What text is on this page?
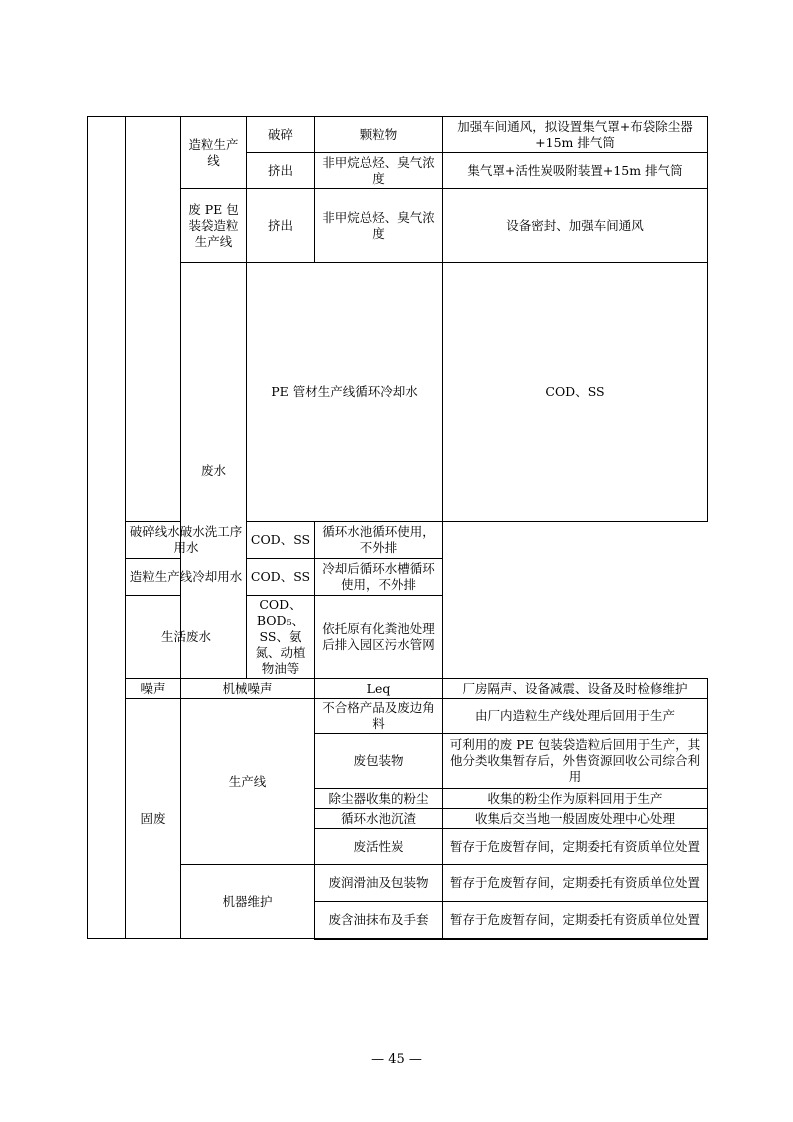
		造粒生产线	破碎	颗粒物	加强车间通风，拟设置集气罩+布袋除尘器+15m 排气筒	
			挤出	非甲烷总烃、臭气浓度	集气罩+活性炭吸附装置+15m 排气筒	
		废 PE 包装袋造粒生产线	挤出	非甲烷总烃、臭气浓度	设备密封、加强车间通风	
		废水	PE 管材生产线循环冷却水		COD、SS	
	破碎线水破水洗工序用水		COD、SS	循环水池循环使用，不外排		
	造粒生产线冷却用水		COD、SS	冷却后循环水槽循环使用，不外排		
	生活废水		COD、BOD₅、SS、氨氮、动植物油等	依托原有化粪池处理后排入园区污水管网		
	噪声	机械噪声		Leq	厂房隔声、设备减震、设备及时检修维护	
	固废	生产线		不合格产品及废边角料	由厂内造粒生产线处理后回用于生产	
				废包装物	可利用的废 PE 包装袋造粒后回用于生产，其他分类收集暂存后，外售资源回收公司综合利用	
				除尘器收集的粉尘	收集的粉尘作为原料回用于生产	
				循环水池沉渣	收集后交当地一般固废处理中心处理	
				废活性炭	暂存于危废暂存间，定期委托有资质单位处置	
		机器维护		废润滑油及包装物	暂存于危废暂存间，定期委托有资质单位处置	
				废含油抹布及手套	暂存于危废暂存间，定期委托有资质单位处置	
— 45 —
